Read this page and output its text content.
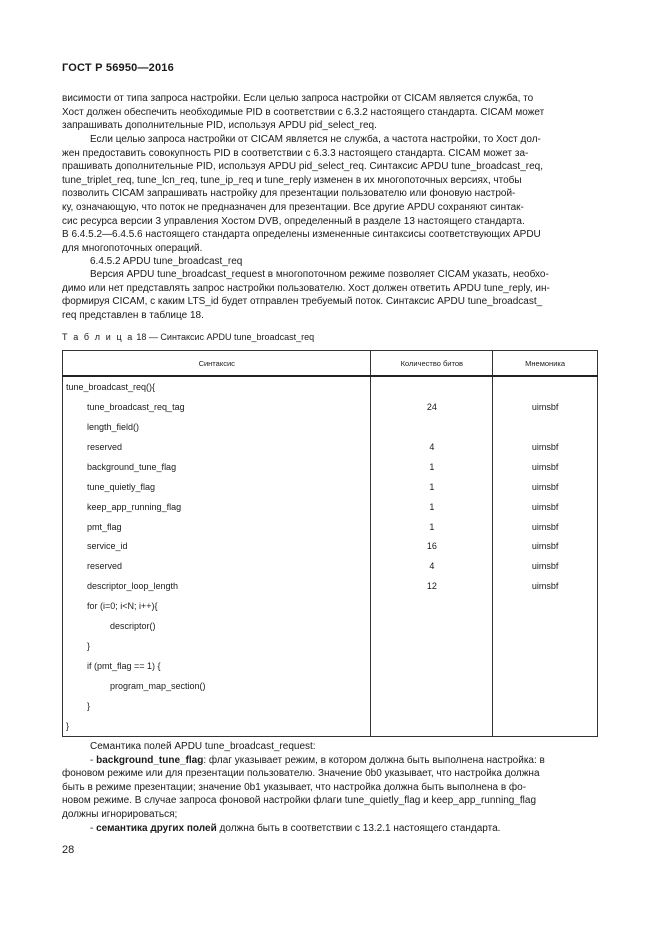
ГОСТ Р 56950—2016

висимости от типа запроса настройки. Если целью запроса настройки от CICAM является служба, то

Хост должен обеспечить необходимые PID в соответствии с 6.3.2 настоящего стандарта. CICAM может

запрашивать дополнительные PID, используя APDU pid_select_req.

Если целью запроса настройки от CICAM является не служба, а частота настройки, то Хост дол-

жен предоставить совокупность PID в соответствии с 6.3.3 настоящего стандарта. CICAM может за-

прашивать дополнительные PID, используя APDU pid_select_req. Синтаксис APDU tune_broadcast_req,

tune_triplet_req, tune_lcn_req, tune_ip_req и tune_reply изменен в их многопоточных версиях, чтобы

позволить CICAM запрашивать настройку для презентации пользователю или фоновую настрой-

ку, означающую, что поток не предназначен для презентации. Все другие APDU сохраняют синтак-

сис ресурса версии 3 управления Хостом DVB, определенный в разделе 13 настоящего стандарта.

В 6.4.5.2—6.4.5.6 настоящего стандарта определены измененные синтаксисы соответствующих APDU

для многопоточных операций.

6.4.5.2 APDU tune_broadcast_req

Версия APDU tune_broadcast_request в многопоточном режиме позволяет CICAM указать, необхо-

димо или нет представлять запрос настройки пользователю. Хост должен ответить APDU tune_reply, ин-

формируя CICAM, с каким LTS_id будет отправлен требуемый поток. Синтаксис APDU tune_broadcast_

req представлен в таблице 18.

Т а б л и ц а 18 — Синтаксис APDU tune_broadcast_req
Синтаксис	Количество битов	Мнемоника
tune_broadcast_req(){		
tune_broadcast_req_tag	24	uimsbf
length_field()		
reserved	4	uimsbf
background_tune_flag	1	uimsbf
tune_quietly_flag	1	uimsbf
keep_app_running_flag	1	uimsbf
pmt_flag	1	uimsbf
service_id	16	uimsbf
reserved	4	uimsbf
descriptor_loop_length	12	uimsbf
for (i=0; i<N; i++){		
descriptor()		
}		
if (pmt_flag == 1) {		
program_map_section()		
}		
}		

Семантика полей APDU tune_broadcast_request:

- background_tune_flag: флаг указывает режим, в котором должна быть выполнена настройка: в

фоновом режиме или для презентации пользователю. Значение 0b0 указывает, что настройка должна

быть в режиме презентации; значение 0b1 указывает, что настройка должна быть выполнена в фо-

новом режиме. В случае запроса фоновой настройки флаги tune_quietly_flag и keep_app_running_flag

должны игнорироваться;

- семантика других полей должна быть в соответствии с 13.2.1 настоящего стандарта.

28
